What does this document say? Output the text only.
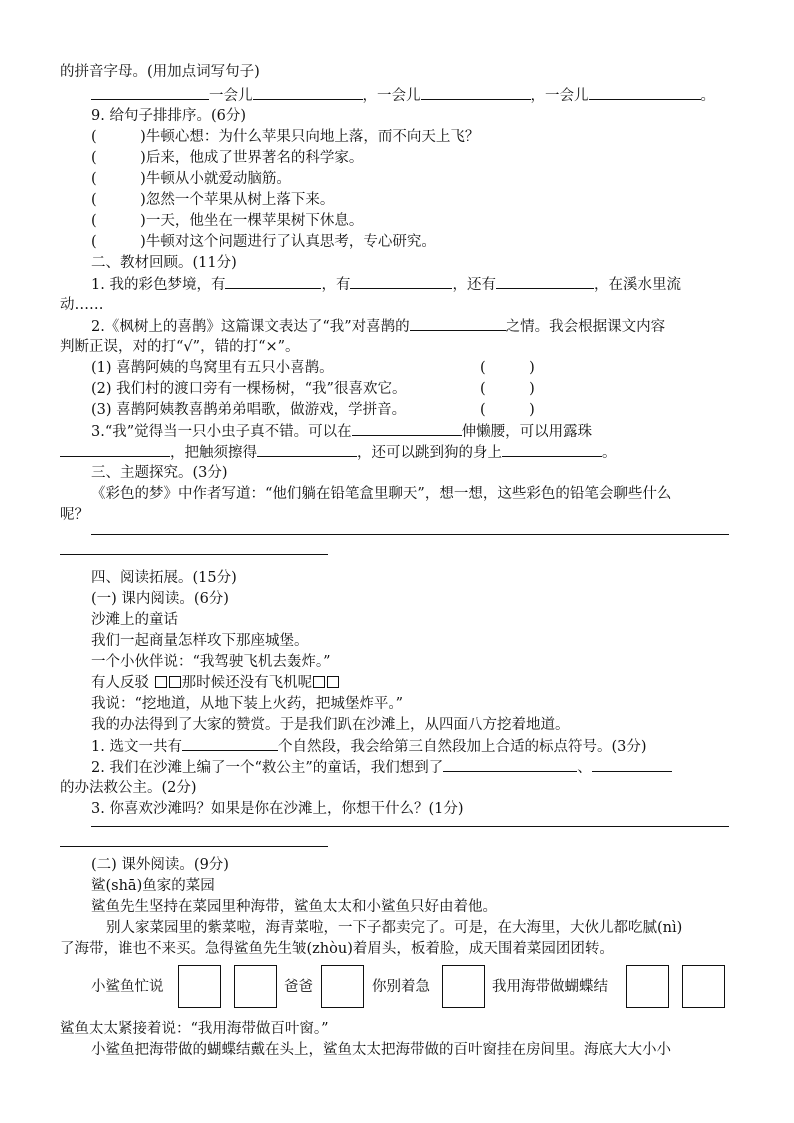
的拼音字母。(用加点词写句子)
一会儿	，一会儿	，一会儿	。
9. 给句子排排序。(6分)
(　　　)牛顿心想：为什么苹果只向地上落，而不向天上飞？
(　　　)后来，他成了世界著名的科学家。
(　　　)牛顿从小就爱动脑筋。
(　　　)忽然一个苹果从树上落下来。
(　　　)一天，他坐在一棵苹果树下休息。
(　　　)牛顿对这个问题进行了认真思考，专心研究。
二、教材回顾。(11分)
1. 我的彩色梦境，有	，有	，还有	，在溪水里流
动……
2.《枫树上的喜鹊》这篇课文表达了“我”对喜鹊的	之情。我会根据课文内容
判断正误，对的打“√”，错的打“×”。
(1) 喜鹊阿姨的鸟窝里有五只小喜鹊。	(　　　)
(2) 我们村的渡口旁有一棵杨树，“我”很喜欢它。	(　　　)
(3) 喜鹊阿姨教喜鹊弟弟唱歌，做游戏，学拼音。	(　　　)
3.“我”觉得当一只小虫子真不错。可以在	伸懒腰，可以用露珠
，把触须擦得	，还可以跳到狗的身上	。
三、主题探究。(3分)
《彩色的梦》中作者写道：“他们躺在铅笔盒里聊天”，想一想，这些彩色的铅笔会聊些什么
呢？
四、阅读拓展。(15分)
(一) 课内阅读。(6分)
沙滩上的童话
我们一起商量怎样攻下那座城堡。
一个小伙伴说：“我驾驶飞机去轰炸。”
有人反驳 那时候还没有飞机呢
我说：“挖地道，从地下装上火药，把城堡炸平。”
我的办法得到了大家的赞赏。于是我们趴在沙滩上，从四面八方挖着地道。
1. 选文一共有	个自然段，我会给第三自然段加上合适的标点符号。(3分)
2. 我们在沙滩上编了一个“救公主”的童话，我们想到了	、
的办法救公主。(2分)
3. 你喜欢沙滩吗？如果是你在沙滩上，你想干什么？(1分)
(二) 课外阅读。(9分)
鲨(shā)鱼家的菜园
鲨鱼先生坚持在菜园里种海带，鲨鱼太太和小鲨鱼只好由着他。
别人家菜园里的紫菜啦，海青菜啦，一下子都卖完了。可是，在大海里，大伙儿都吃腻(nì)
了海带，谁也不来买。急得鲨鱼先生皱(zhòu)着眉头，板着脸，成天围着菜园团团转。
小鲨鱼忙说	爸爸	你别着急	我用海带做蝴蝶结
鲨鱼太太紧接着说：“我用海带做百叶窗。”
小鲨鱼把海带做的蝴蝶结戴在头上，鲨鱼太太把海带做的百叶窗挂在房间里。海底大大小小
